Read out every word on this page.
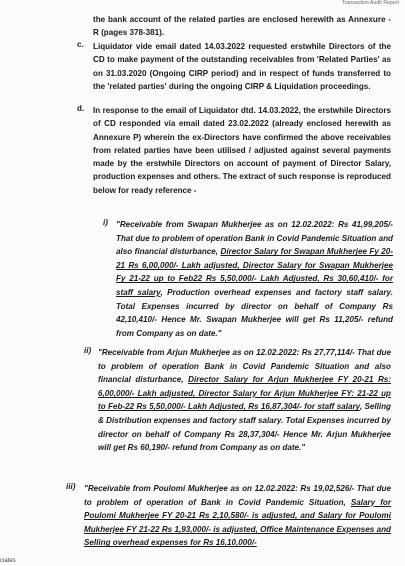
Transaction Audit Report
the bank account of the related parties are enclosed herewith as Annexure - R (pages 378-381).
c. Liquidator vide email dated 14.03.2022 requested erstwhile Directors of the CD to make payment of the outstanding receivables from 'Related Parties' as on 31.03.2020 (Ongoing CIRP period) and in respect of funds transferred to the 'related parties' during the ongoing CIRP & Liquidation proceedings.
d. In response to the email of Liquidator dtd. 14.03.2022, the erstwhile Directors of CD responded via email dated 23.02.2022 (already enclosed herewith as Annexure P) wherein the ex-Directors have confirmed the above receivables from related parties have been utilised / adjusted against several payments made by the erstwhile Directors on account of payment of Director Salary, production expenses and others. The extract of such response is reproduced below for ready reference -
i) "Receivable from Swapan Mukherjee as on 12.02.2022: Rs 41,99,205/- That due to problem of operation Bank in Covid Pandemic Situation and also financial disturbance, Director Salary for Swapan Mukherjee Fy 20-21 Rs 6,00,000/- Lakh adjusted, Director Salary for Swapan Mukherjee Fy 21-22 up to Feb22 Rs 5,50,000/- Lakh Adjusted, Rs 30,60,410/- for staff salary, Production overhead expenses and factory staff salary. Total Expenses incurred by director on behalf of Company Rs 42,10,410/- Hence Mr. Swapan Mukherjee will get Rs 11,205/- refund from Company as on date."
ii) "Receivable from Arjun Mukherjee as on 12.02.2022: Rs 27,77,114/- That due to problem of operation Bank in Covid Pandemic Situation and also financial disturbance, Director Salary for Arjun Mukherjee FY 20-21 Rs: 6,00,000/- Lakh adjusted, Director Salary for Arjun Mukherjee FY: 21-22 up to Feb-22 Rs 5,50,000/- Lakh Adjusted, Rs 16,87,304/- for staff salary, Selling & Distribution expenses and factory staff salary. Total Expenses incurred by director on behalf of Company Rs 28,37,304/- Hence Mr. Arjun Mukherjee will get Rs 60,190/- refund from Company as on date."
iii) "Receivable from Poulomi Mukherjee as on 12.02.2022: Rs 19,02,526/- That due to problem of operation of Bank in Covid Pandemic Situation, Salary for Poulomi Mukherjee FY 20-21 Rs 2,10,580/- is adjusted, and Salary for Poulomi Mukherjee FY 21-22 Rs 1,93,000/- is adjusted, Office Maintenance Expenses and Selling overhead expenses for Rs 16,10,000/-
ciates
